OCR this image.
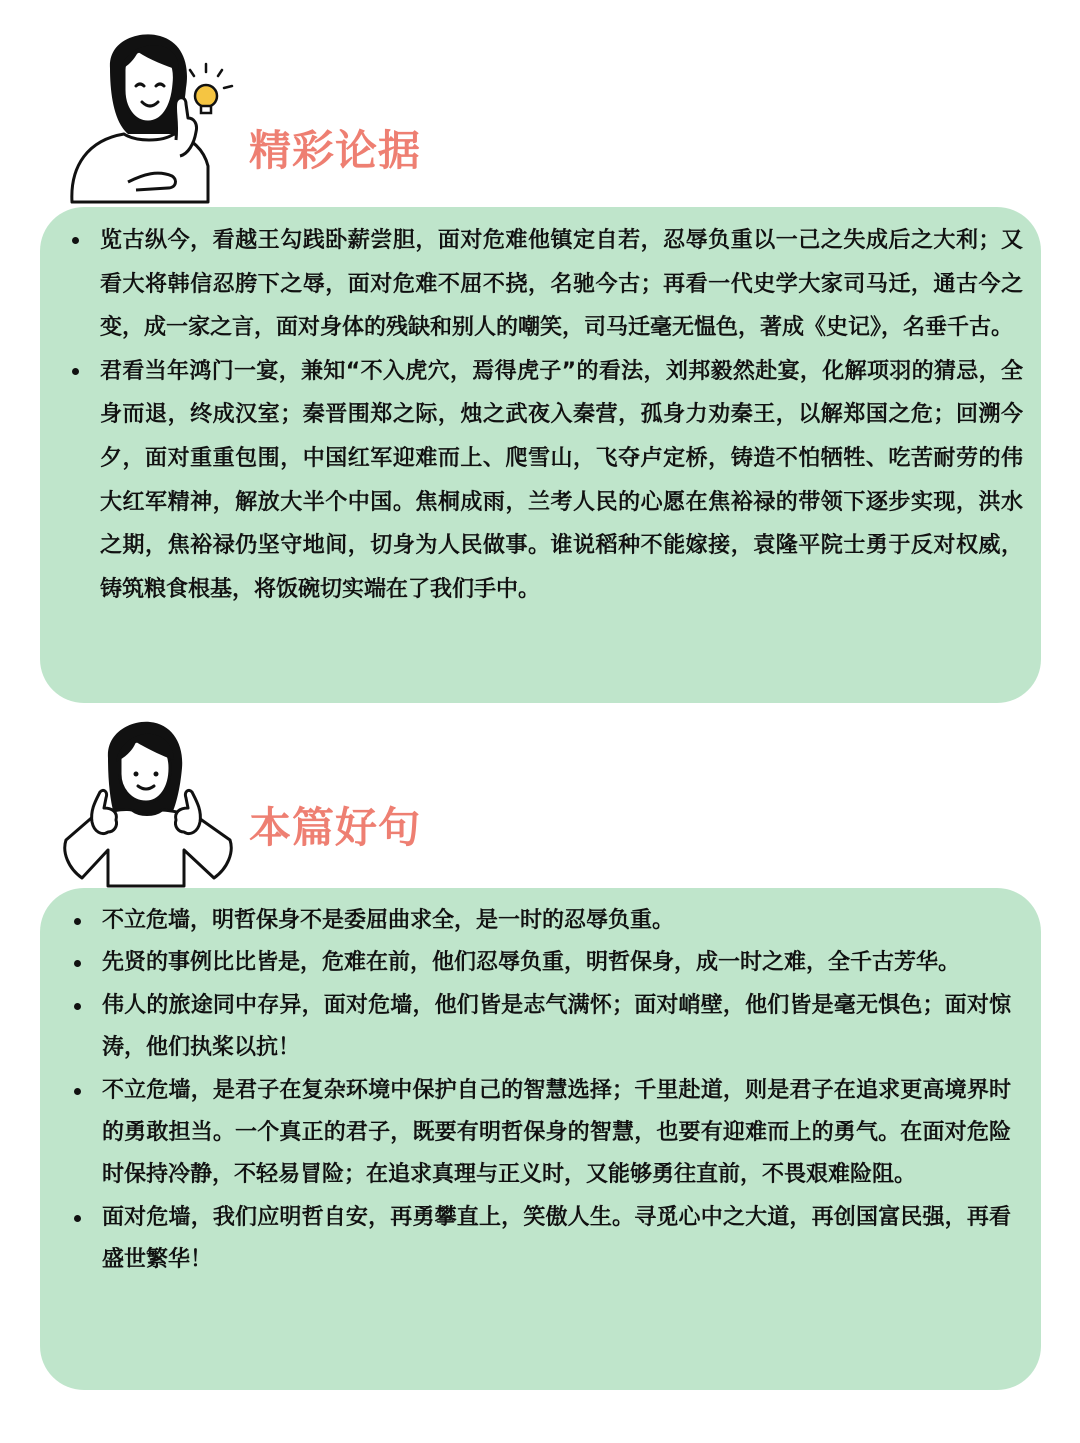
精彩论据
览古纵今，看越王勾践卧薪尝胆，面对危难他镇定自若，忍辱负重以一己之失成后之大利；又看大将韩信忍胯下之辱，面对危难不屈不挠，名驰今古；再看一代史学大家司马迁，通古今之变，成一家之言，面对身体的残缺和别人的嘲笑，司马迁毫无愠色，著成《史记》，名垂千古。
君看当年鸿门一宴，兼知“不入虎穴，焉得虎子”的看法，刘邦毅然赴宴，化解项羽的猜忌，全身而退，终成汉室；秦晋围郑之际，烛之武夜入秦营，孤身力劝秦王，以解郑国之危；回溯今夕，面对重重包围，中国红军迎难而上、爬雪山，飞夺卢定桥，铸造不怕牺牲、吃苦耐劳的伟大红军精神，解放大半个中国。焦桐成雨，兰考人民的心愿在焦裕禄的带领下逐步实现，洪水之期，焦裕禄仍坚守地间，切身为人民做事。谁说稻种不能嫁接，袁隆平院士勇于反对权威，铸筑粮食根基，将饭碗切实端在了我们手中。
本篇好句
不立危墙，明哲保身不是委屈曲求全，是一时的忍辱负重。
先贤的事例比比皆是，危难在前，他们忍辱负重，明哲保身，成一时之难，全千古芳华。
伟人的旅途同中存异，面对危墙，他们皆是志气满怀；面对峭壁，他们皆是毫无惧色；面对惊涛，他们执桨以抗！
不立危墙，是君子在复杂环境中保护自己的智慧选择；千里赴道，则是君子在追求更高境界时的勇敢担当。一个真正的君子，既要有明哲保身的智慧，也要有迎难而上的勇气。在面对危险时保持冷静，不轻易冒险；在追求真理与正义时，又能够勇往直前，不畏艰难险阻。
面对危墙，我们应明哲自安，再勇攀直上，笑傲人生。寻觅心中之大道，再创国富民强，再看盛世繁华！
